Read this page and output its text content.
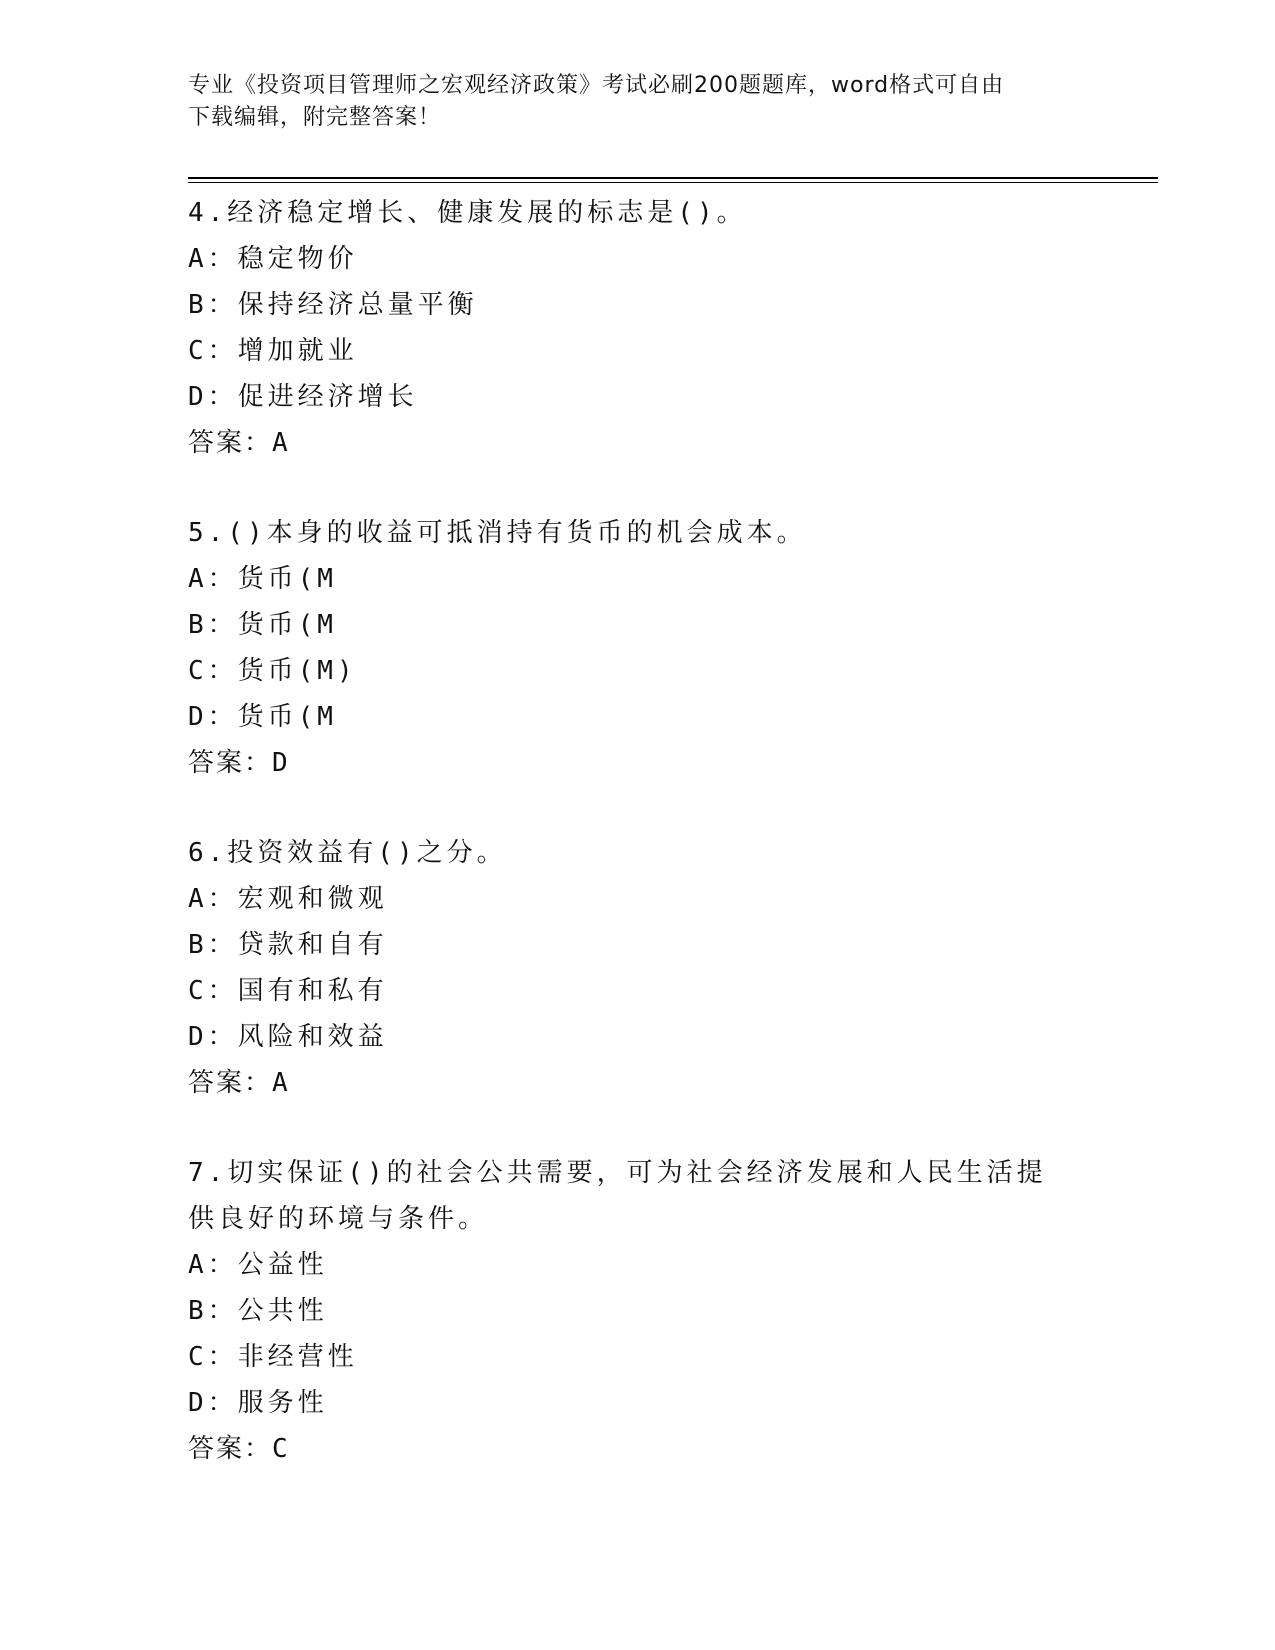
专业《投资项目管理师之宏观经济政策》考试必刷200题题库，word格式可自由
下载编辑，附完整答案！
4.经济稳定增长、健康发展的标志是()。
A：稳定物价
B：保持经济总量平衡
C：增加就业
D：促进经济增长
答案：A
5.()本身的收益可抵消持有货币的机会成本。
A：货币(M
B：货币(M
C：货币(M)
D：货币(M
答案：D
6.投资效益有()之分。
A：宏观和微观
B：贷款和自有
C：国有和私有
D：风险和效益
答案：A
7.切实保证()的社会公共需要，可为社会经济发展和人民生活提供良好的环境与条件。
A：公益性
B：公共性
C：非经营性
D：服务性
答案：C
